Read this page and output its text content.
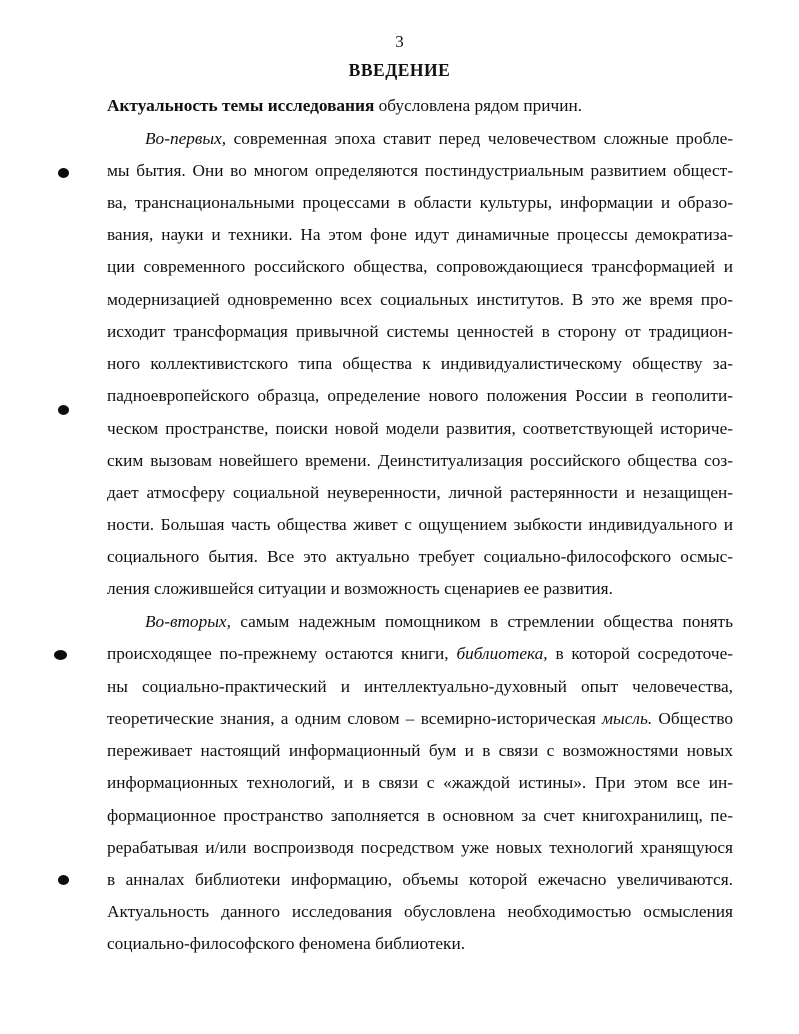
3
ВВЕДЕНИЕ
Актуальность темы исследования обусловлена рядом причин.
Во-первых, современная эпоха ставит перед человечеством сложные пробле-
мы бытия. Они во многом определяются постиндустриальным развитием общест-
ва, транснациональными процессами в области культуры, информации и образо-
вания, науки и техники. На этом фоне идут динамичные процессы демократиза-
ции современного российского общества, сопровождающиеся трансформацией и
модернизацией одновременно всех социальных институтов. В это же время про-
исходит трансформация привычной системы ценностей в сторону от традицион-
ного коллективистского типа общества к индивидуалистическому обществу за-
падноевропейского образца, определение нового положения России в геополити-
ческом пространстве, поиски новой модели развития, соответствующей историче-
ским вызовам новейшего времени. Деинституализация российского общества соз-
дает атмосферу социальной неуверенности, личной растерянности и незащищен-
ности. Большая часть общества живет с ощущением зыбкости индивидуального и
социального бытия. Все это актуально требует социально-философского осмыс-
ления сложившейся ситуации и возможность сценариев ее развития.
Во-вторых, самым надежным помощником в стремлении общества понять
происходящее по-прежнему остаются книги, библиотека, в которой сосредоточе-
ны социально-практический и интеллектуально-духовный опыт человечества,
теоретические знания, а одним словом – всемирно-историческая мысль. Общество
переживает настоящий информационный бум и в связи с возможностями новых
информационных технологий, и в связи с «жаждой истины». При этом все ин-
формационное пространство заполняется в основном за счет книгохранилищ, пе-
рерабатывая и/или воспроизводя посредством уже новых технологий хранящуюся
в анналах библиотеки информацию, объемы которой ежечасно увеличиваются.
Актуальность данного исследования обусловлена необходимостью осмысления
социально-философского феномена библиотеки.
